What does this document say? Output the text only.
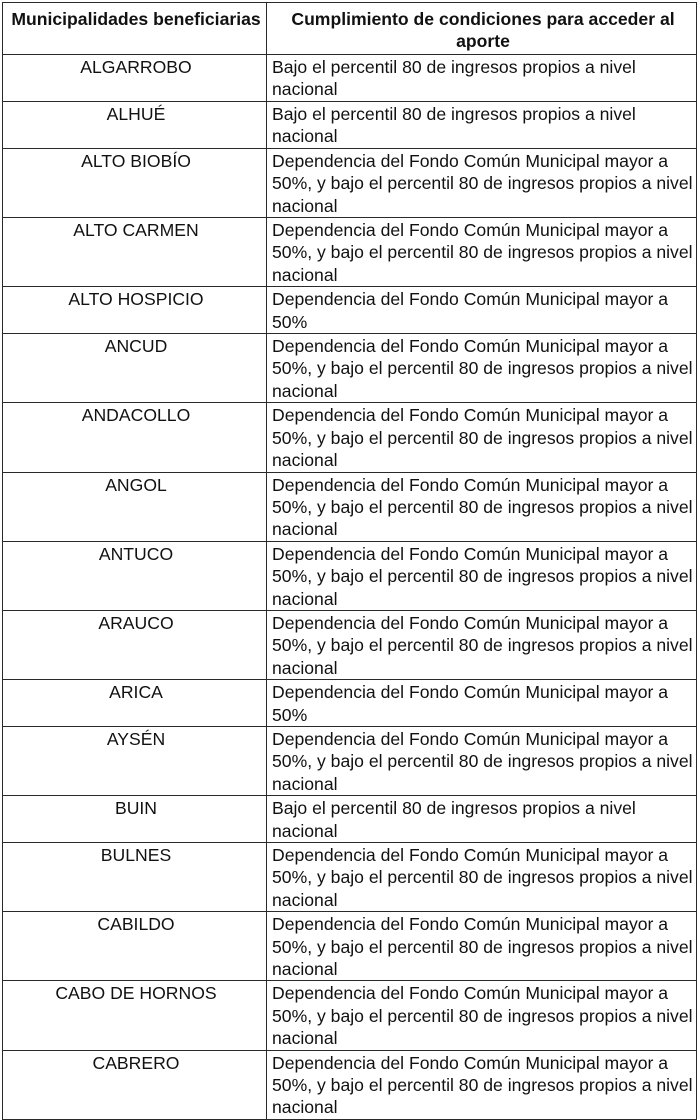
Municipalidades beneficiarias	Cumplimiento de condiciones para acceder al aporte
ALGARROBO	Bajo el percentil 80 de ingresos propios a nivel nacional
ALHUÉ	Bajo el percentil 80 de ingresos propios a nivel nacional
ALTO BIOBÍO	Dependencia del Fondo Común Municipal mayor a 50%, y bajo el percentil 80 de ingresos propios a nivel nacional
ALTO CARMEN	Dependencia del Fondo Común Municipal mayor a 50%, y bajo el percentil 80 de ingresos propios a nivel nacional
ALTO HOSPICIO	Dependencia del Fondo Común Municipal mayor a 50%
ANCUD	Dependencia del Fondo Común Municipal mayor a 50%, y bajo el percentil 80 de ingresos propios a nivel nacional
ANDACOLLO	Dependencia del Fondo Común Municipal mayor a 50%, y bajo el percentil 80 de ingresos propios a nivel nacional
ANGOL	Dependencia del Fondo Común Municipal mayor a 50%, y bajo el percentil 80 de ingresos propios a nivel nacional
ANTUCO	Dependencia del Fondo Común Municipal mayor a 50%, y bajo el percentil 80 de ingresos propios a nivel nacional
ARAUCO	Dependencia del Fondo Común Municipal mayor a 50%, y bajo el percentil 80 de ingresos propios a nivel nacional
ARICA	Dependencia del Fondo Común Municipal mayor a 50%
AYSÉN	Dependencia del Fondo Común Municipal mayor a 50%, y bajo el percentil 80 de ingresos propios a nivel nacional
BUIN	Bajo el percentil 80 de ingresos propios a nivel nacional
BULNES	Dependencia del Fondo Común Municipal mayor a 50%, y bajo el percentil 80 de ingresos propios a nivel nacional
CABILDO	Dependencia del Fondo Común Municipal mayor a 50%, y bajo el percentil 80 de ingresos propios a nivel nacional
CABO DE HORNOS	Dependencia del Fondo Común Municipal mayor a 50%, y bajo el percentil 80 de ingresos propios a nivel nacional
CABRERO	Dependencia del Fondo Común Municipal mayor a 50%, y bajo el percentil 80 de ingresos propios a nivel nacional
